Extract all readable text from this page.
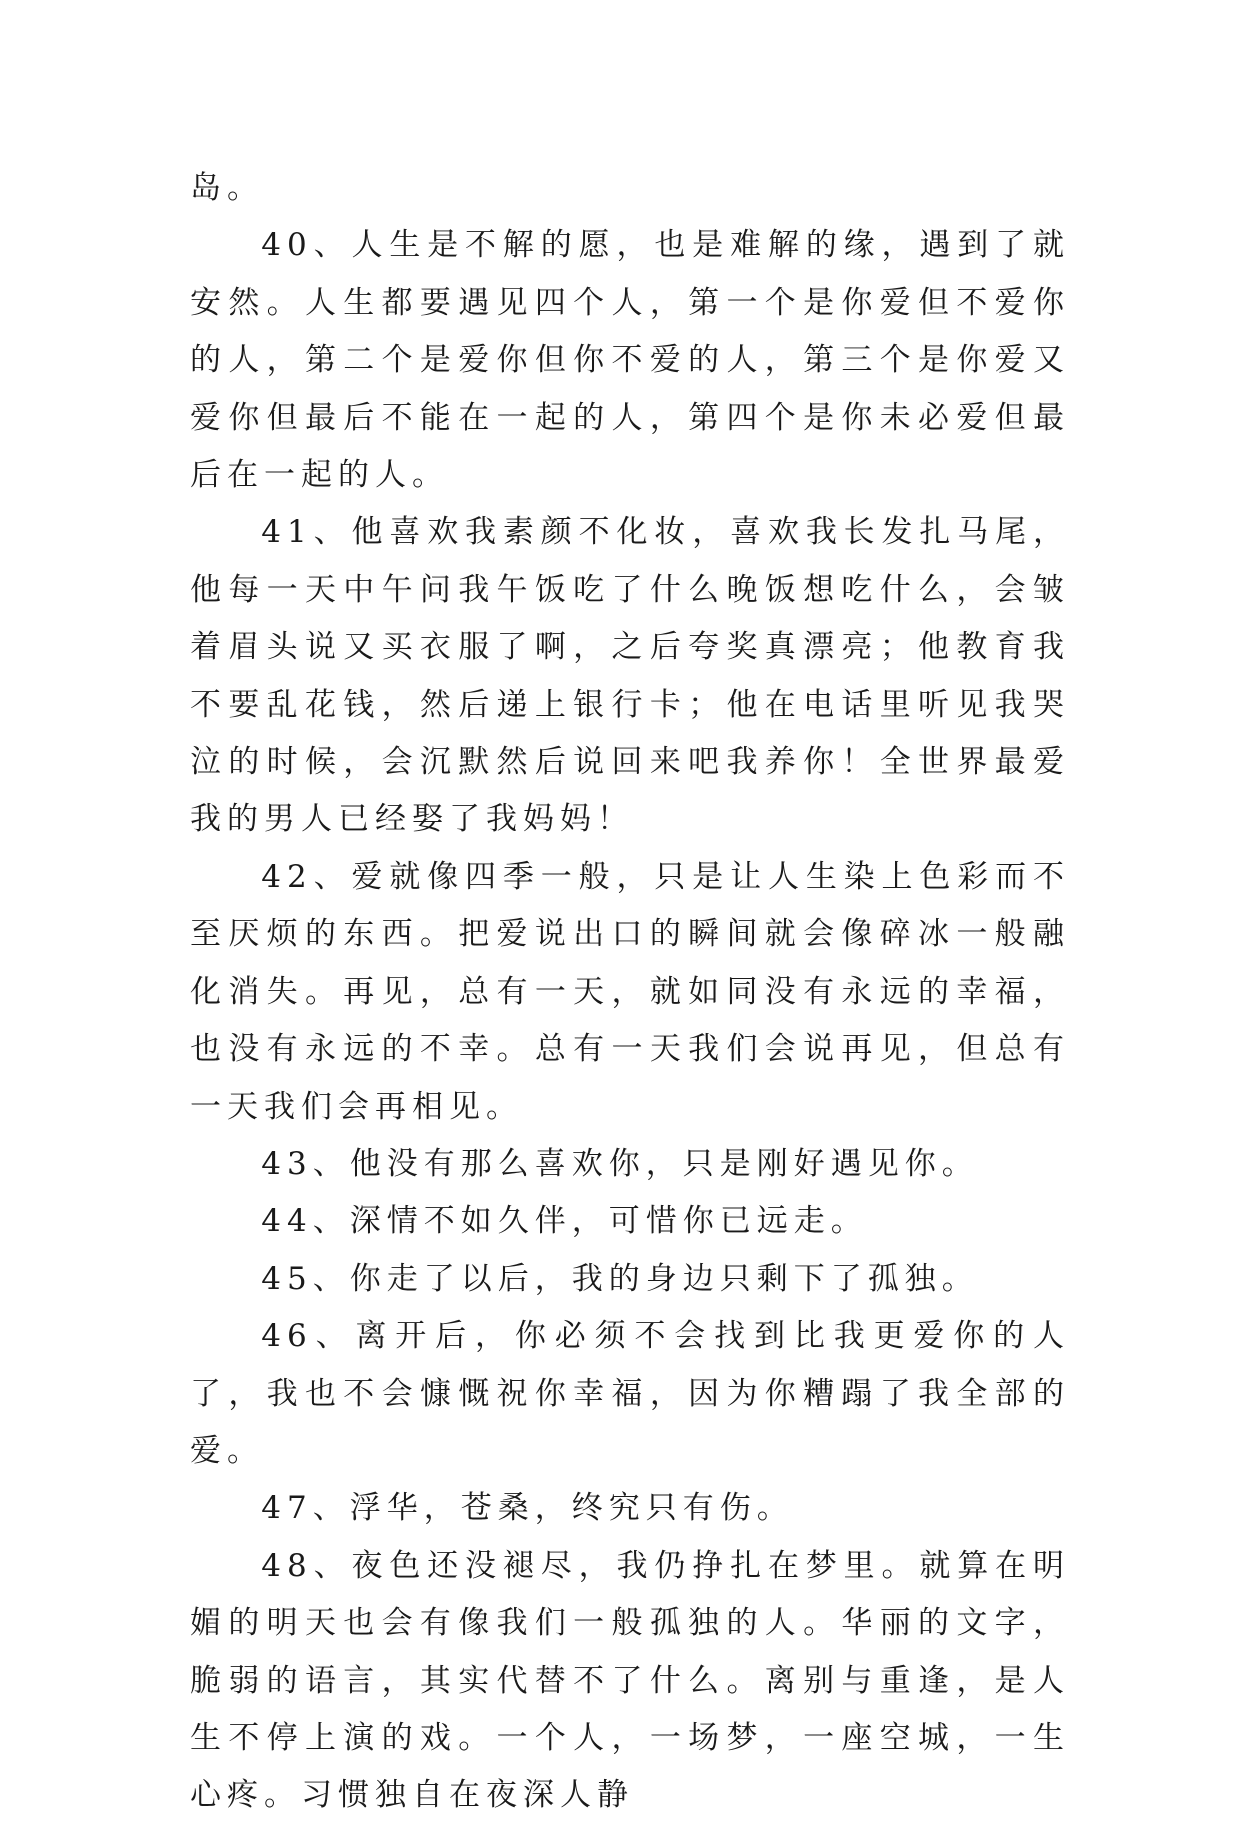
岛。

40、人生是不解的愿，也是难解的缘，遇到了就安然。人生都要遇见四个人，第一个是你爱但不爱你的人，第二个是爱你但你不爱的人，第三个是你爱又爱你但最后不能在一起的人，第四个是你未必爱但最后在一起的人。

41、他喜欢我素颜不化妆，喜欢我长发扎马尾，他每一天中午问我午饭吃了什么晚饭想吃什么，会皱着眉头说又买衣服了啊，之后夸奖真漂亮；他教育我不要乱花钱，然后递上银行卡；他在电话里听见我哭泣的时候，会沉默然后说回来吧我养你！全世界最爱我的男人已经娶了我妈妈！

42、爱就像四季一般，只是让人生染上色彩而不至厌烦的东西。把爱说出口的瞬间就会像碎冰一般融化消失。再见，总有一天，就如同没有永远的幸福，也没有永远的不幸。总有一天我们会说再见，但总有一天我们会再相见。

43、他没有那么喜欢你，只是刚好遇见你。

44、深情不如久伴，可惜你已远走。

45、你走了以后，我的身边只剩下了孤独。

46、离开后，你必须不会找到比我更爱你的人了，我也不会慷慨祝你幸福，因为你糟蹋了我全部的爱。

47、浮华，苍桑，终究只有伤。

48、夜色还没褪尽，我仍挣扎在梦里。就算在明媚的明天也会有像我们一般孤独的人。华丽的文字，脆弱的语言，其实代替不了什么。离别与重逢，是人生不停上演的戏。一个人，一场梦，一座空城，一生心疼。习惯独自在夜深人静
